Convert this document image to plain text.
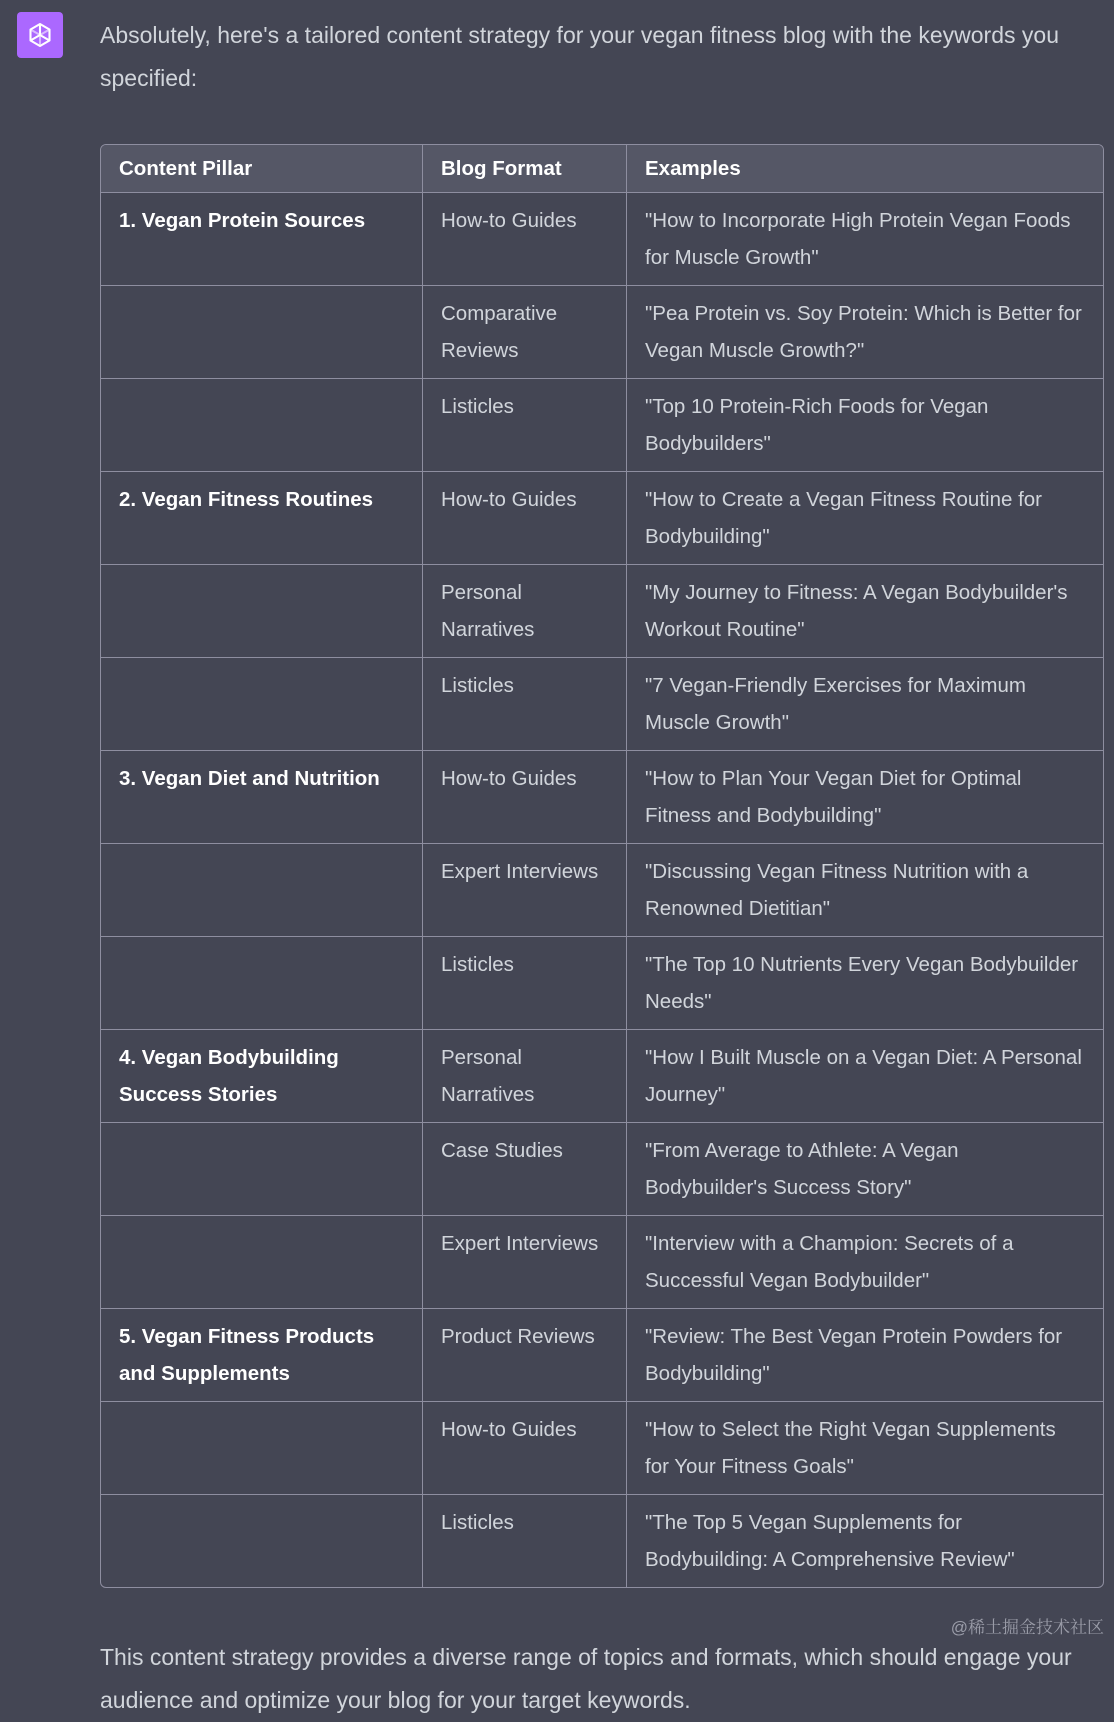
Absolutely, here's a tailored content strategy for your vegan fitness blog with the keywords you specified:

Content Pillar	Blog Format	Examples
1. Vegan Protein Sources	How-to Guides	"How to Incorporate High Protein Vegan Foods for Muscle Growth"
	Comparative Reviews	"Pea Protein vs. Soy Protein: Which is Better for Vegan Muscle Growth?"
	Listicles	"Top 10 Protein-Rich Foods for Vegan Bodybuilders"
2. Vegan Fitness Routines	How-to Guides	"How to Create a Vegan Fitness Routine for Bodybuilding"
	Personal Narratives	"My Journey to Fitness: A Vegan Bodybuilder's Workout Routine"
	Listicles	"7 Vegan-Friendly Exercises for Maximum Muscle Growth"
3. Vegan Diet and Nutrition	How-to Guides	"How to Plan Your Vegan Diet for Optimal Fitness and Bodybuilding"
	Expert Interviews	"Discussing Vegan Fitness Nutrition with a Renowned Dietitian"
	Listicles	"The Top 10 Nutrients Every Vegan Bodybuilder Needs"
4. Vegan Bodybuilding Success Stories	Personal Narratives	"How I Built Muscle on a Vegan Diet: A Personal Journey"
	Case Studies	"From Average to Athlete: A Vegan Bodybuilder's Success Story"
	Expert Interviews	"Interview with a Champion: Secrets of a Successful Vegan Bodybuilder"
5. Vegan Fitness Products and Supplements	Product Reviews	"Review: The Best Vegan Protein Powders for Bodybuilding"
	How-to Guides	"How to Select the Right Vegan Supplements for Your Fitness Goals"
	Listicles	"The Top 5 Vegan Supplements for Bodybuilding: A Comprehensive Review"

This content strategy provides a diverse range of topics and formats, which should engage your audience and optimize your blog for your target keywords.

@稀土掘金技术社区
